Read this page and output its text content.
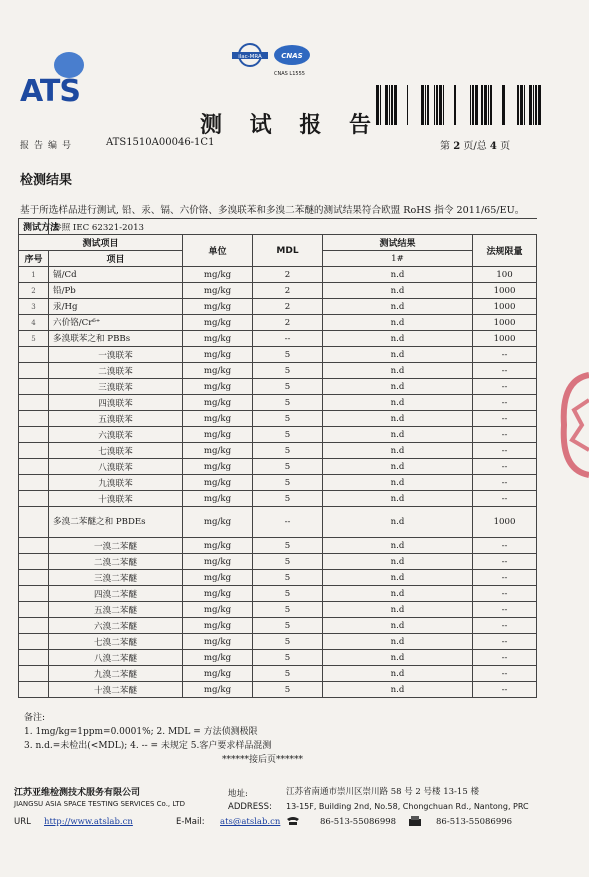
ATS
ilac-MRA	CNAS
CNAS L1555
测 试 报 告
报告编号	ATS1510A00046-1C1	第 2 页/总 4 页
检测结果
基于所选样品进行测试, 铅、汞、镉、六价铬、多溴联苯和多溴二苯醚的测试结果符合欧盟 RoHS 指令 2011/65/EU。
测试方法	参照 IEC 62321-2013				
测试项目		单位	MDL	测试结果	法规限量
序号	项目			1#	
1	镉/Cd	mg/kg	2	n.d	100
2	铅/Pb	mg/kg	2	n.d	1000
3	汞/Hg	mg/kg	2	n.d	1000
4	六价铬/Cr⁶⁺	mg/kg	2	n.d	1000
5	多溴联苯之和 PBBs	mg/kg	--	n.d	1000
	一溴联苯	mg/kg	5	n.d	--
	二溴联苯	mg/kg	5	n.d	--
	三溴联苯	mg/kg	5	n.d	--
	四溴联苯	mg/kg	5	n.d	--
	五溴联苯	mg/kg	5	n.d	--
	六溴联苯	mg/kg	5	n.d	--
	七溴联苯	mg/kg	5	n.d	--
	八溴联苯	mg/kg	5	n.d	--
	九溴联苯	mg/kg	5	n.d	--
	十溴联苯	mg/kg	5	n.d	--
	多溴二苯醚之和 PBDEs	mg/kg	--	n.d	1000
	一溴二苯醚	mg/kg	5	n.d	--
	二溴二苯醚	mg/kg	5	n.d	--
	三溴二苯醚	mg/kg	5	n.d	--
	四溴二苯醚	mg/kg	5	n.d	--
	五溴二苯醚	mg/kg	5	n.d	--
	六溴二苯醚	mg/kg	5	n.d	--
	七溴二苯醚	mg/kg	5	n.d	--
	八溴二苯醚	mg/kg	5	n.d	--
	九溴二苯醚	mg/kg	5	n.d	--
	十溴二苯醚	mg/kg	5	n.d	--
备注:
1. 1mg/kg=1ppm=0.0001%; 2. MDL = 方法侦测极限
3. n.d.=未检出(<MDL); 4. -- = 未规定 5.客户要求样品混测
******接后页******
江苏亚维检测技术服务有限公司
JIANGSU ASIA SPACE TESTING SERVICES Co., LTD
地址:	江苏省南通市崇川区崇川路 58 号 2 号楼 13-15 楼
ADDRESS: 13-15F, Building 2nd, No.58, Chongchuan Rd., Nantong, PRC
URL http://www.atslab.cn	E-Mail: ats@atslab.cn	86-513-55086998	86-513-55086996
